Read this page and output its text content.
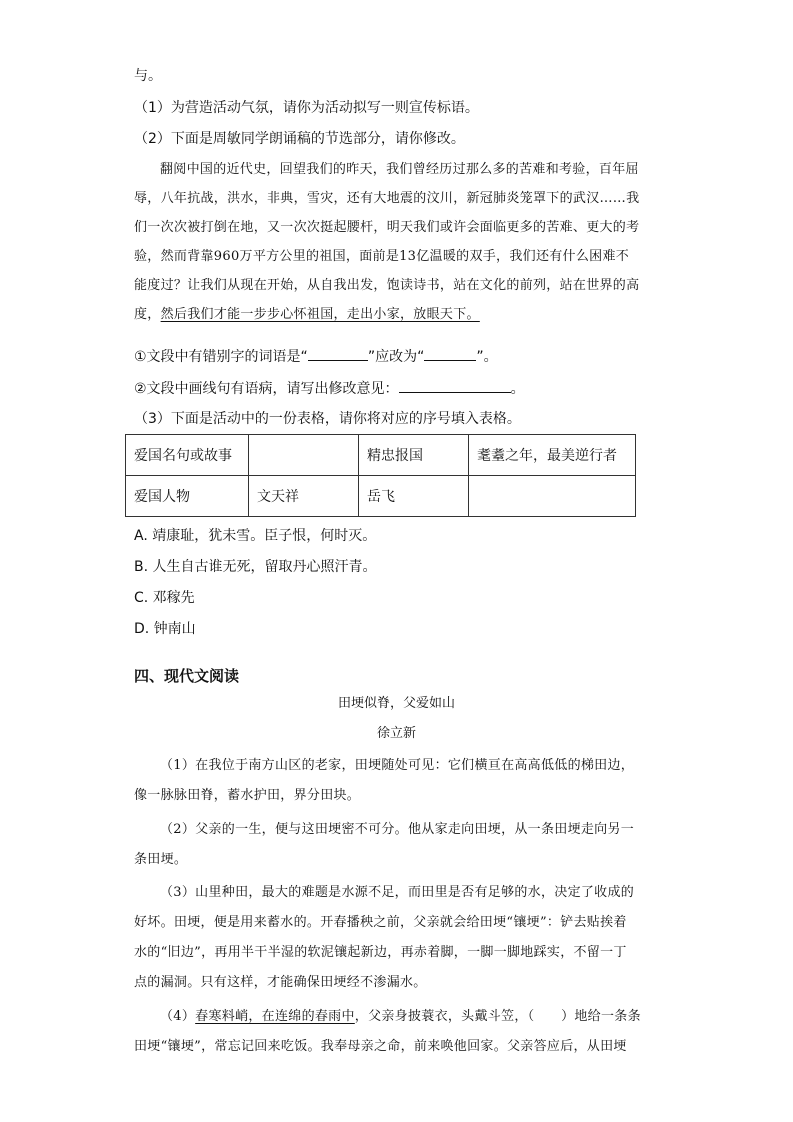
与。
（1）为营造活动气氛，请你为活动拟写一则宣传标语。
（2）下面是周敏同学朗诵稿的节选部分，请你修改。
翻阅中国的近代史，回望我们的昨天，我们曾经历过那么多的苦难和考验，百年屈
辱，八年抗战，洪水，非典，雪灾，还有大地震的汶川，新冠肺炎笼罩下的武汉……我
们一次次被打倒在地，又一次次挺起腰杆，明天我们或许会面临更多的苦难、更大的考
验，然而背靠960万平方公里的祖国，面前是13亿温暖的双手，我们还有什么困难不
能度过？让我们从现在开始，从自我出发，饱读诗书，站在文化的前列，站在世界的高
度，然后我们才能一步步心怀祖国，走出小家，放眼天下。
①文段中有错别字的词语是“	”应改为“	”。
②文段中画线句有语病，请写出修改意见：	。
（3）下面是活动中的一份表格，请你将对应的序号填入表格。
爱国名句或故事		精忠报国	耄耋之年，最美逆行者
爱国人物	文天祥	岳飞	
A. 靖康耻，犹未雪。臣子恨，何时灭。
B. 人生自古谁无死，留取丹心照汗青。
C. 邓稼先
D. 钟南山
四、现代文阅读
田埂似脊，父爱如山
徐立新
（1）在我位于南方山区的老家，田埂随处可见：它们横亘在高高低低的梯田边，
像一脉脉田脊，蓄水护田，界分田块。
（2）父亲的一生，便与这田埂密不可分。他从家走向田埂，从一条田埂走向另一
条田埂。
（3）山里种田，最大的难题是水源不足，而田里是否有足够的水，决定了收成的
好坏。田埂，便是用来蓄水的。开春播秧之前，父亲就会给田埂“镶埂”：铲去贴挨着
水的“旧边”，再用半干半湿的软泥镶起新边，再赤着脚，一脚一脚地踩实，不留一丁
点的漏洞。只有这样，才能确保田埂经不渗漏水。
（4）春寒料峭，在连绵的春雨中，父亲身披蓑衣，头戴斗笠，（　　）地给一条条
田埂“镶埂”，常忘记回来吃饭。我奉母亲之命，前来唤他回家。父亲答应后，从田埂
